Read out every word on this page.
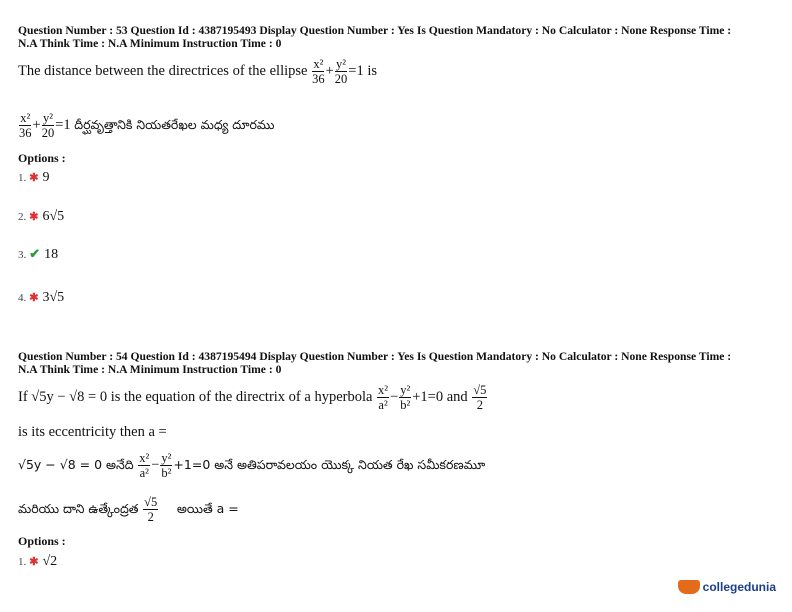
Question Number : 53 Question Id : 4387195493 Display Question Number : Yes Is Question Mandatory : No Calculator : None Response Time :
N.A Think Time : N.A Minimum Instruction Time : 0
The distance between the directrices of the ellipse $\frac{\text{x²}}{36} + \frac{\text{y²}}{20} =1$ is
$\frac{\text{x²}}{36} + \frac{\text{y²}}{20} =1$ దీర్ఘవృత్తానికి నియతరేఖల మధ్య దూరము
Options :
1. ✱ 9
2. ✱ 6√5
3. ✔ 18
4. ✱ 3√5
Question Number : 54 Question Id : 4387195494 Display Question Number : Yes Is Question Mandatory : No Calculator : None Response Time :
N.A Think Time : N.A Minimum Instruction Time : 0
If √5y − √8 = 0 is the equation of the directrix of a hyperbola $\frac{\text{x²}}{\text{a²}} - \frac{\text{y²}}{\text{b²}} +1=0$ and $\frac{√5}{2}$
is its eccentricity then a =
√5y − √8 = 0 అనేది $\frac{\text{x²}}{\text{a²}} - \frac{\text{y²}}{\text{b²}} +1=0$ అనే అతిపరావలయం యొక్క నియత రేఖ సమీకరణమూ
మరియు దాని ఉత్కేంద్రత $\frac{√5}{2}$ అయితే a =
Options :
1. ✱ √2
collegedunia
